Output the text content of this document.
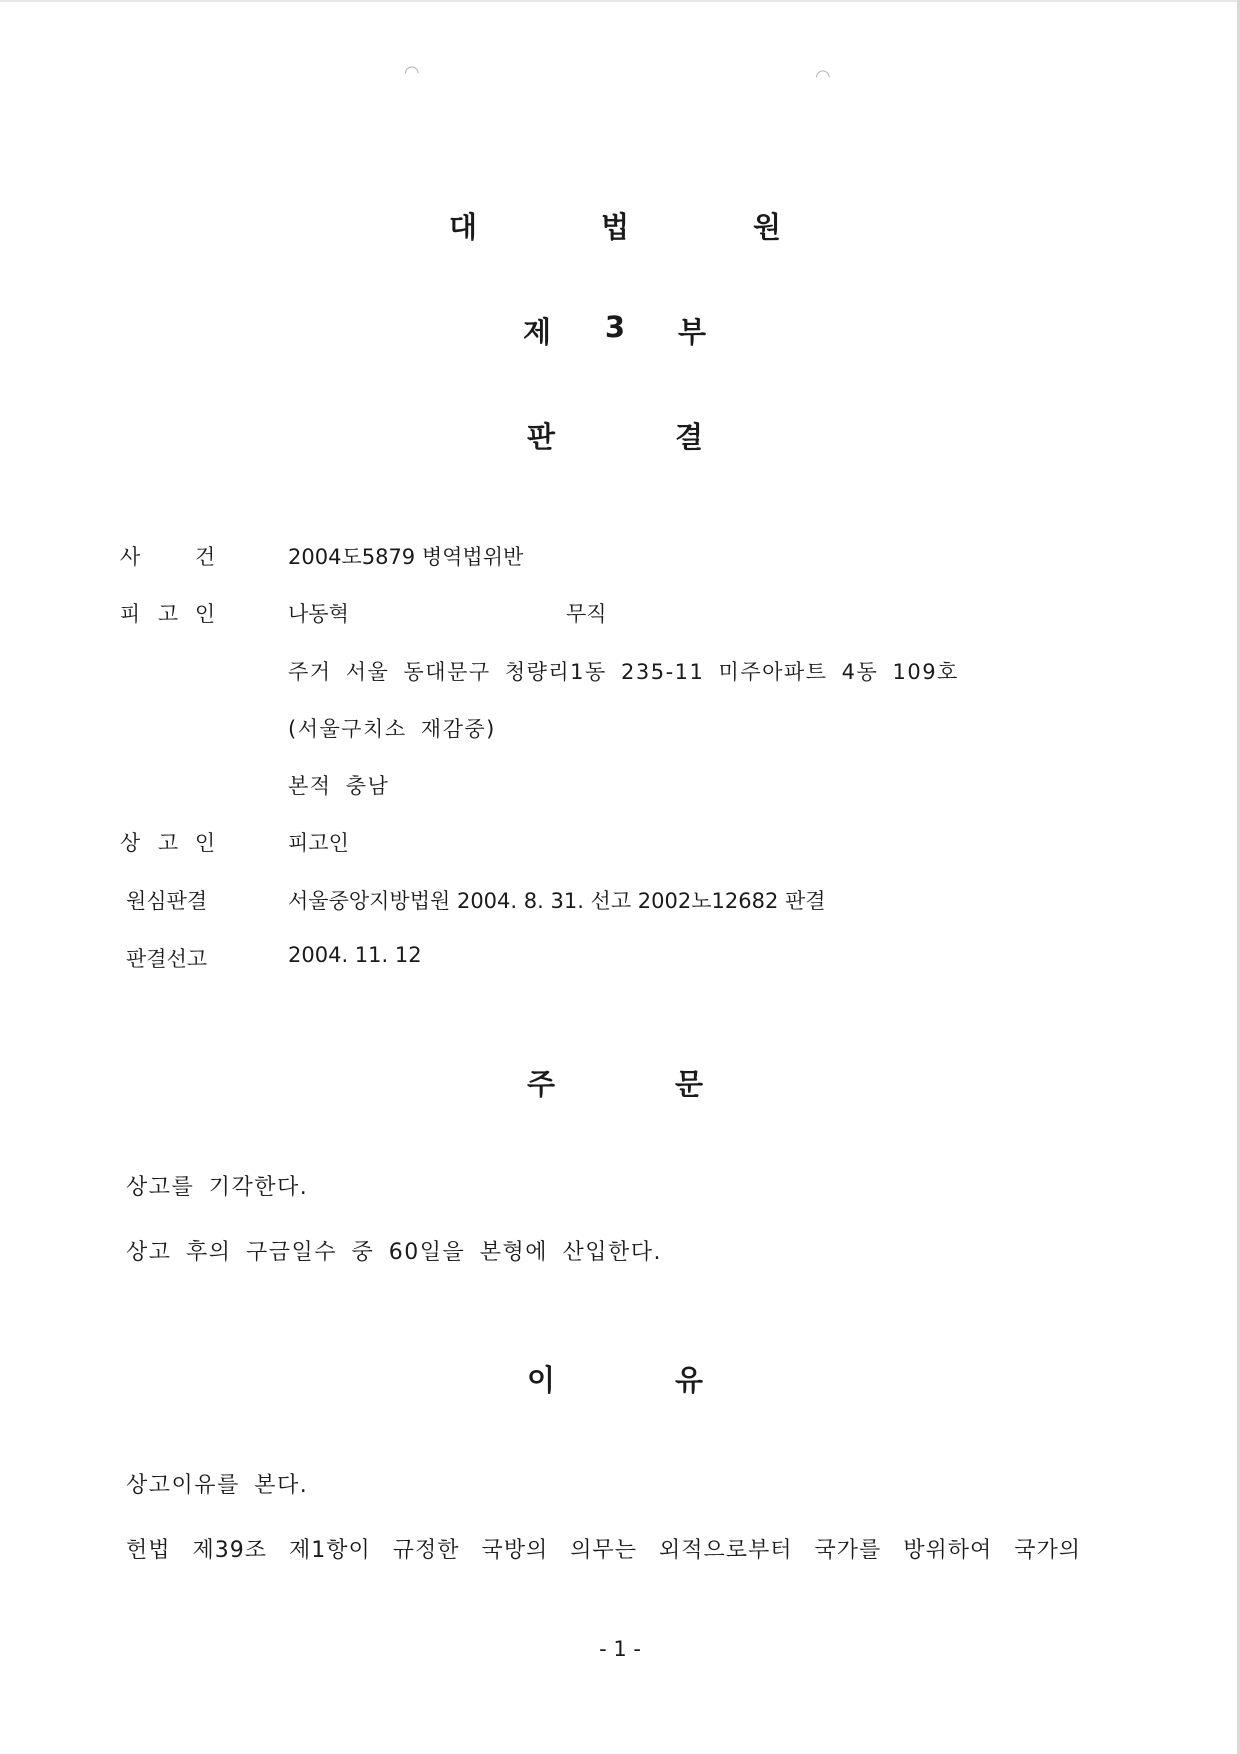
◠	◠
대	법	원
제 3 부
판	결
사	건	2004도5879 병역법위반
피 고 인	나동혁	무직
주거 서울 동대문구 청량리1동 235-11 미주아파트 4동 109호
(서울구치소 재감중)
본적 충남
상 고 인	피고인
원심판결	서울중앙지방법원 2004. 8. 31. 선고 2002노12682 판결
판결선고	2004. 11. 12
주	문
상고를 기각한다.
상고 후의 구금일수 중 60일을 본형에 산입한다.
이	유
상고이유를 본다.
헌법 제39조 제1항이 규정한 국방의 의무는 외적으로부터 국가를 방위하여 국가의
- 1 -
